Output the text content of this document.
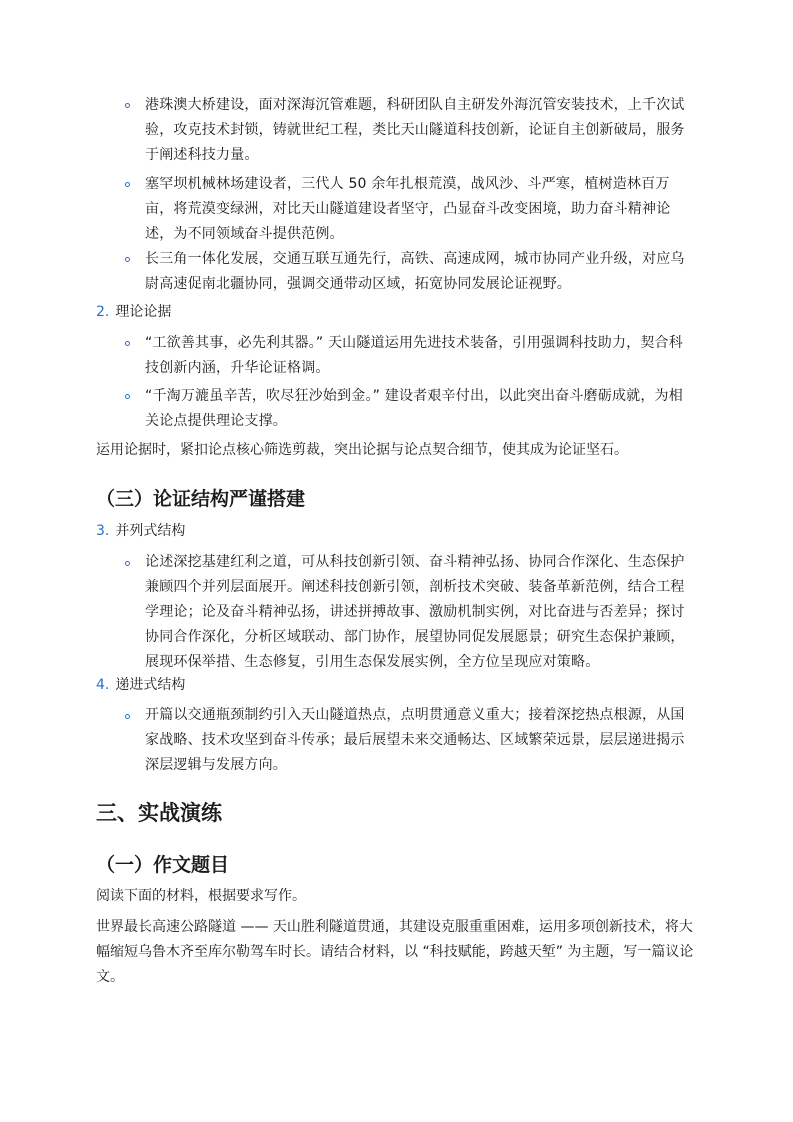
港珠澳大桥建设，面对深海沉管难题，科研团队自主研发外海沉管安装技术，上千次试验，攻克技术封锁，铸就世纪工程，类比天山隧道科技创新，论证自主创新破局，服务于阐述科技力量。
塞罕坝机械林场建设者，三代人 50 余年扎根荒漠，战风沙、斗严寒，植树造林百万亩，将荒漠变绿洲，对比天山隧道建设者坚守，凸显奋斗改变困境，助力奋斗精神论述，为不同领域奋斗提供范例。
长三角一体化发展，交通互联互通先行，高铁、高速成网，城市协同产业升级，对应乌尉高速促南北疆协同，强调交通带动区域，拓宽协同发展论证视野。
2. 理论论据
“工欲善其事，必先利其器。” 天山隧道运用先进技术装备，引用强调科技助力，契合科技创新内涵，升华论证格调。
“千淘万漉虽辛苦，吹尽狂沙始到金。” 建设者艰辛付出，以此突出奋斗磨砺成就，为相关论点提供理论支撑。
运用论据时，紧扣论点核心筛选剪裁，突出论据与论点契合细节，使其成为论证坚石。
（三）论证结构严谨搭建
3. 并列式结构
论述深挖基建红利之道，可从科技创新引领、奋斗精神弘扬、协同合作深化、生态保护兼顾四个并列层面展开。阐述科技创新引领，剖析技术突破、装备革新范例，结合工程学理论；论及奋斗精神弘扬，讲述拼搏故事、激励机制实例，对比奋进与否差异；探讨协同合作深化，分析区域联动、部门协作，展望协同促发展愿景；研究生态保护兼顾，展现环保举措、生态修复，引用生态保发展实例，全方位呈现应对策略。
4. 递进式结构
开篇以交通瓶颈制约引入天山隧道热点，点明贯通意义重大；接着深挖热点根源，从国家战略、技术攻坚到奋斗传承；最后展望未来交通畅达、区域繁荣远景，层层递进揭示深层逻辑与发展方向。
三、实战演练
（一）作文题目
阅读下面的材料，根据要求写作。
世界最长高速公路隧道 —— 天山胜利隧道贯通，其建设克服重重困难，运用多项创新技术，将大幅缩短乌鲁木齐至库尔勒驾车时长。请结合材料，以 “科技赋能，跨越天堑” 为主题，写一篇议论文。
